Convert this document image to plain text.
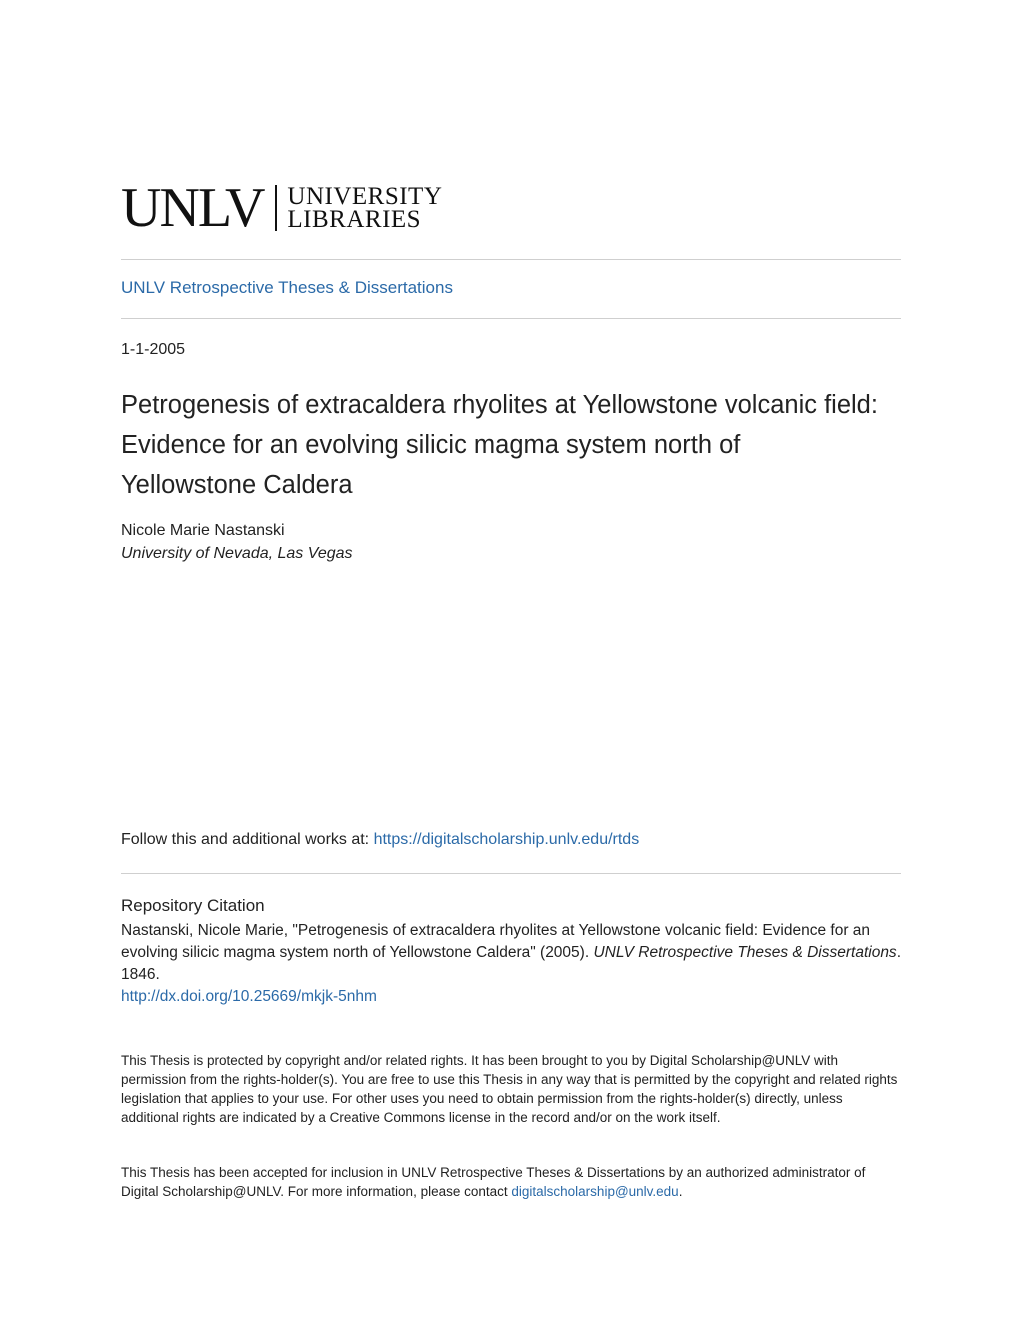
UNLV UNIVERSITY
LIBRARIES
UNLV Retrospective Theses & Dissertations
1-1-2005
Petrogenesis of extracaldera rhyolites at Yellowstone volcanic field: Evidence for an evolving silicic magma system north of Yellowstone Caldera
Nicole Marie Nastanski
University of Nevada, Las Vegas
Follow this and additional works at: https://digitalscholarship.unlv.edu/rtds
Repository Citation
Nastanski, Nicole Marie, "Petrogenesis of extracaldera rhyolites at Yellowstone volcanic field: Evidence for an evolving silicic magma system north of Yellowstone Caldera" (2005). UNLV Retrospective Theses & Dissertations. 1846.
http://dx.doi.org/10.25669/mkjk-5nhm

This Thesis is protected by copyright and/or related rights. It has been brought to you by Digital Scholarship@UNLV with permission from the rights-holder(s). You are free to use this Thesis in any way that is permitted by the copyright and related rights legislation that applies to your use. For other uses you need to obtain permission from the rights-holder(s) directly, unless additional rights are indicated by a Creative Commons license in the record and/or on the work itself.

This Thesis has been accepted for inclusion in UNLV Retrospective Theses & Dissertations by an authorized administrator of Digital Scholarship@UNLV. For more information, please contact digitalscholarship@unlv.edu.
